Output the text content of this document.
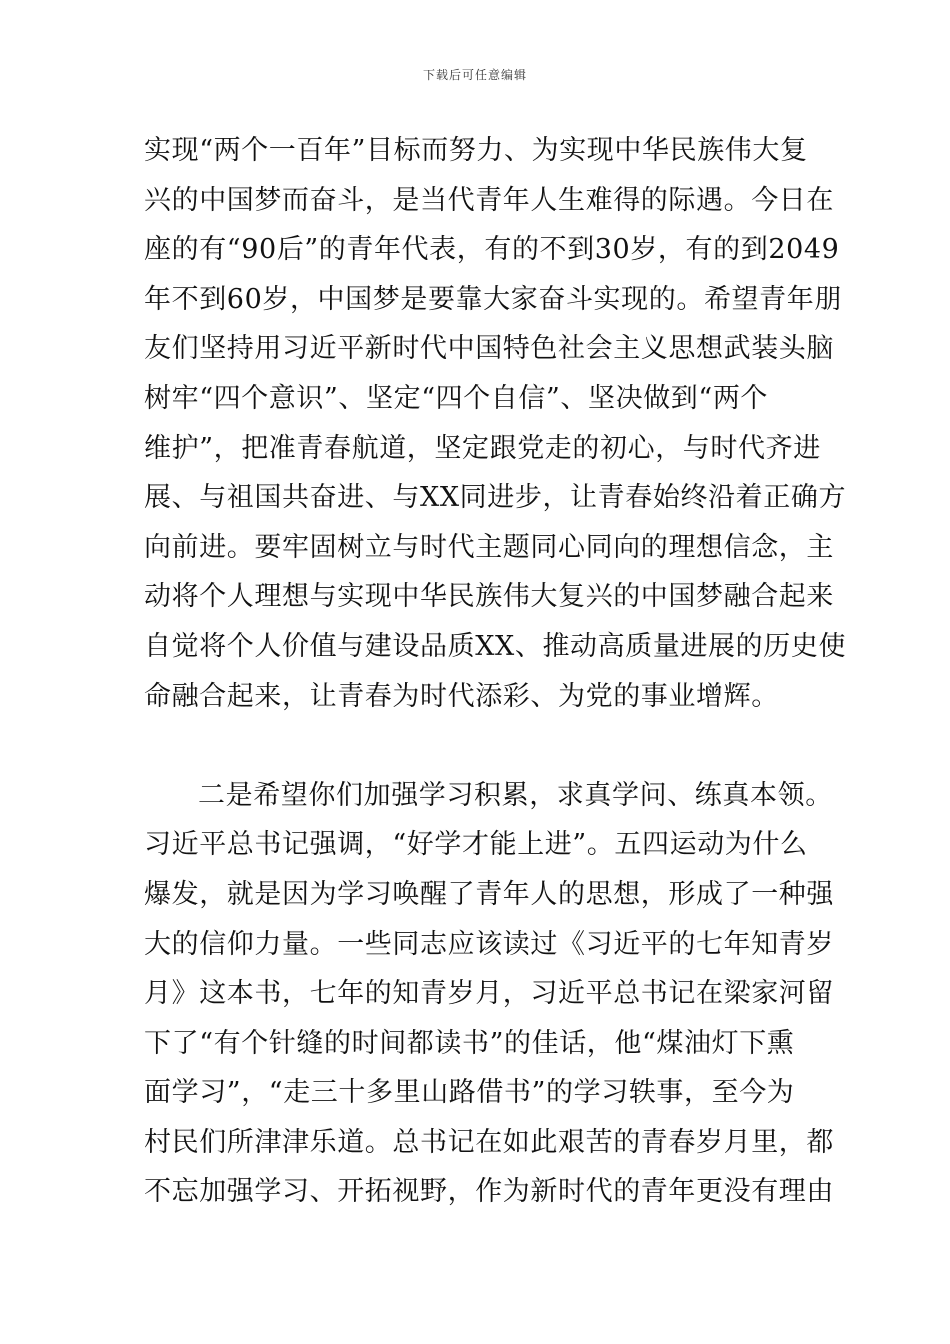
下载后可任意编辑
实现“两个一百年”目标而努力、为实现中华民族伟大复
兴的中国梦而奋斗，是当代青年人生难得的际遇。今日在
座的有“90后”的青年代表，有的不到30岁，有的到2049
年不到60岁，中国梦是要靠大家奋斗实现的。希望青年朋
友们坚持用习近平新时代中国特色社会主义思想武装头脑
树牢“四个意识”、坚定“四个自信”、坚决做到“两个
维护”，把准青春航道，坚定跟党走的初心，与时代齐进
展、与祖国共奋进、与XX同进步，让青春始终沿着正确方
向前进。要牢固树立与时代主题同心同向的理想信念，主
动将个人理想与实现中华民族伟大复兴的中国梦融合起来
自觉将个人价值与建设品质XX、推动高质量进展的历史使
命融合起来，让青春为时代添彩、为党的事业增辉。
二是希望你们加强学习积累，求真学问、练真本领。
习近平总书记强调，“好学才能上进”。五四运动为什么
爆发，就是因为学习唤醒了青年人的思想，形成了一种强
大的信仰力量。一些同志应该读过《习近平的七年知青岁
月》这本书，七年的知青岁月，习近平总书记在梁家河留
下了“有个针缝的时间都读书”的佳话，他“煤油灯下熏
面学习”，“走三十多里山路借书”的学习轶事，至今为
村民们所津津乐道。总书记在如此艰苦的青春岁月里，都
不忘加强学习、开拓视野，作为新时代的青年更没有理由
